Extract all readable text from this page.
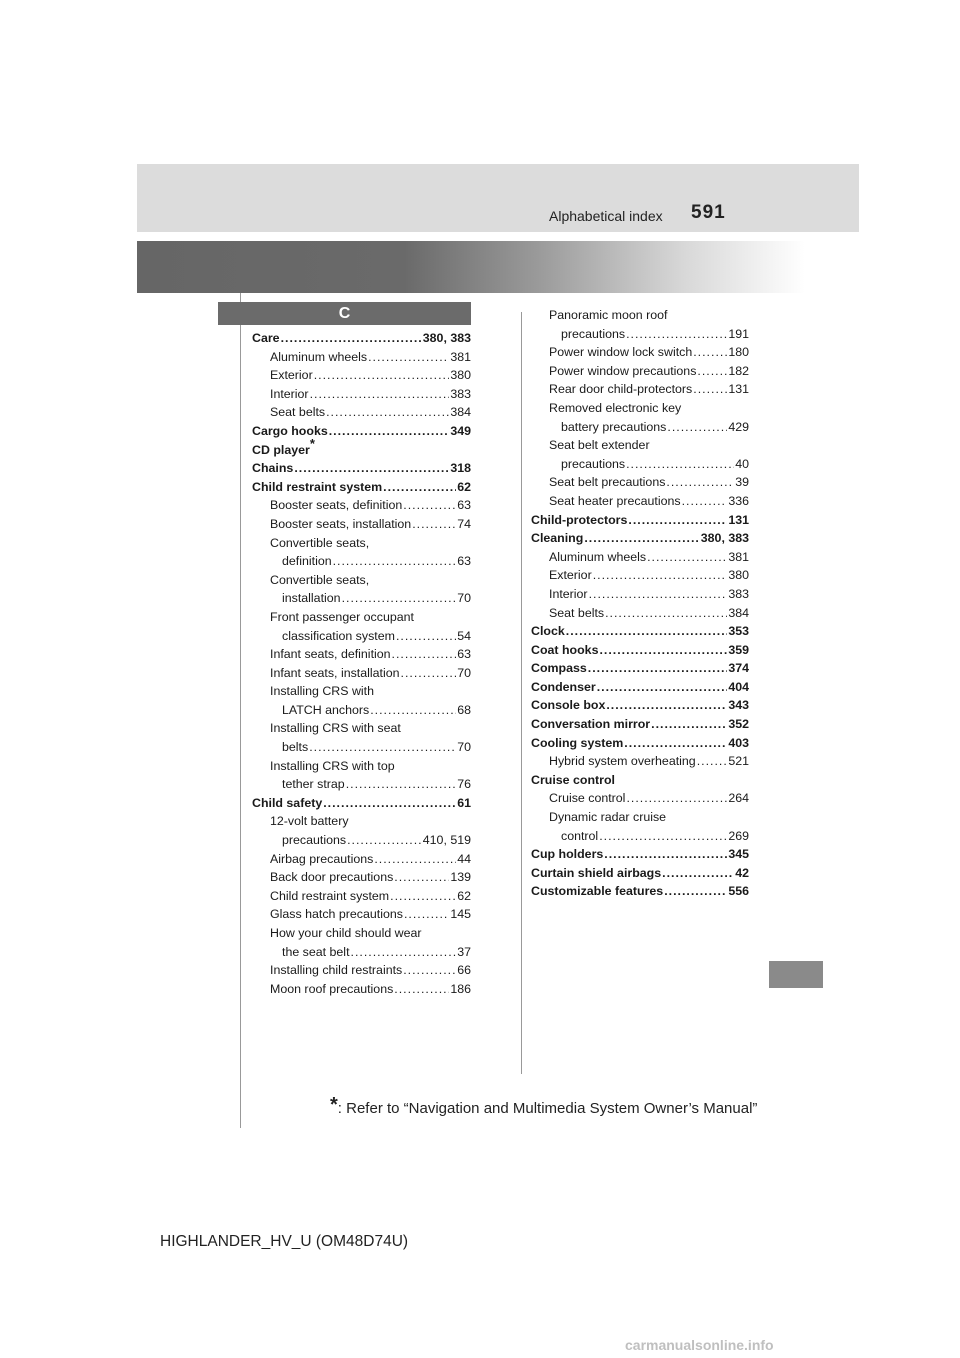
Alphabetical index 591
C
Care .....	380, 383
Aluminum wheels .....	381
Exterior .....	380
Interior .....	383
Seat belts .....	384
Cargo hooks .....	349
CD player*
Chains .....	318
Child restraint system .....	62
Booster seats, definition .....	63
Booster seats, installation .....	74
Convertible seats,
definition .....	63
Convertible seats,
installation .....	70
Front passenger occupant
classification system .....	54
Infant seats, definition .....	63
Infant seats, installation .....	70
Installing CRS with
LATCH anchors .....	68
Installing CRS with seat
belts .....	70
Installing CRS with top
tether strap .....	76
Child safety .....	61
12-volt battery
precautions .....	410, 519
Airbag precautions .....	44
Back door precautions .....	139
Child restraint system .....	62
Glass hatch precautions .....	145
How your child should wear
the seat belt .....	37
Installing child restraints .....	66
Moon roof precautions .....	186
Panoramic moon roof
precautions .....	191
Power window lock switch .....	180
Power window precautions .....	182
Rear door child-protectors .....	131
Removed electronic key
battery precautions .....	429
Seat belt extender
precautions .....	40
Seat belt precautions .....	39
Seat heater precautions .....	336
Child-protectors .....	131
Cleaning .....	380, 383
Aluminum wheels .....	381
Exterior .....	380
Interior .....	383
Seat belts .....	384
Clock .....	353
Coat hooks .....	359
Compass .....	374
Condenser .....	404
Console box .....	343
Conversation mirror .....	352
Cooling system .....	403
Hybrid system overheating .....	521
Cruise control
Cruise control .....	264
Dynamic radar cruise
control .....	269
Cup holders .....	345
Curtain shield airbags .....	42
Customizable features .....	556
*: Refer to “Navigation and Multimedia System Owner’s Manual”
HIGHLANDER_HV_U (OM48D74U)
carmanualsonline.info
